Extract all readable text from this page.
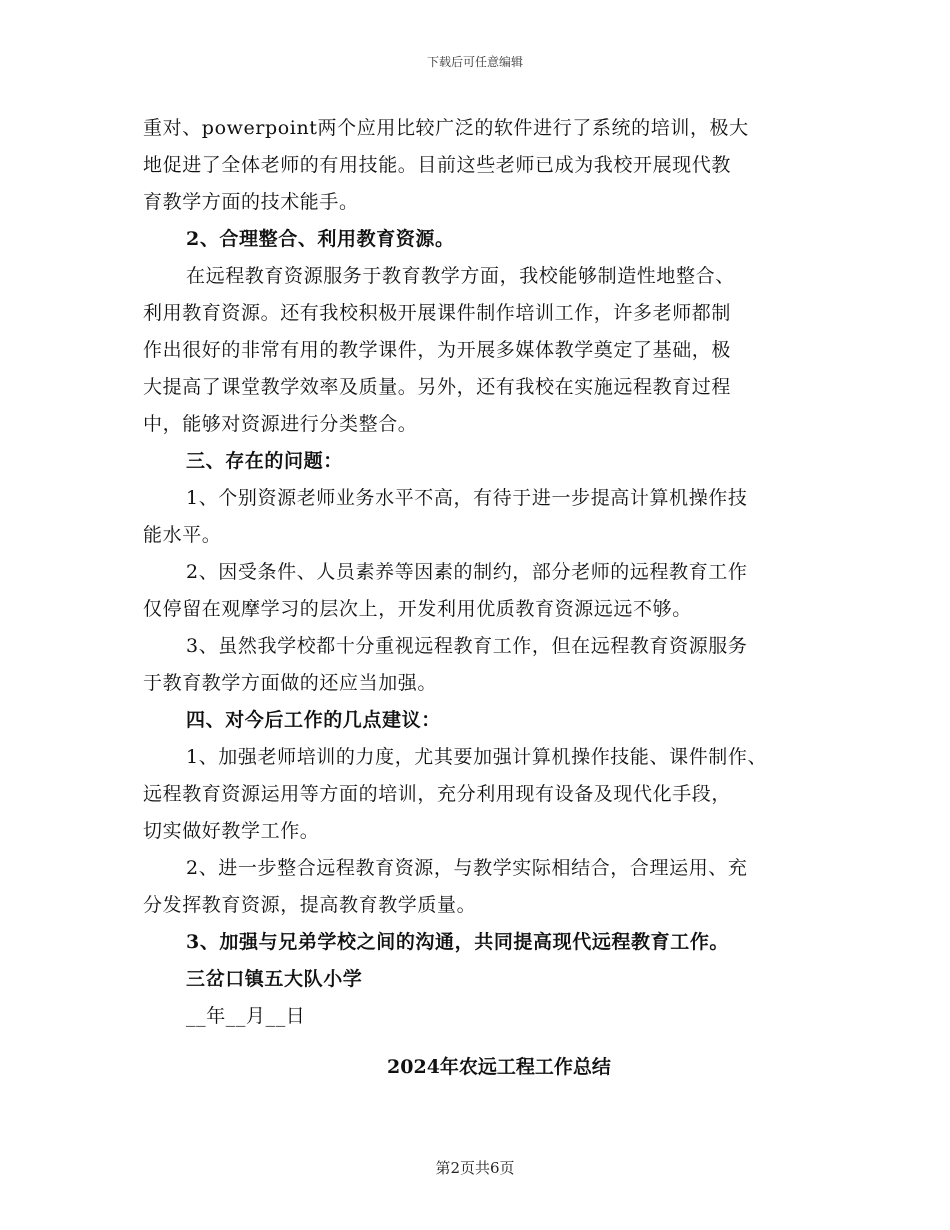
下载后可任意编辑
重对、powerpoint两个应用比较广泛的软件进行了系统的培训，极大
地促进了全体老师的有用技能。目前这些老师已成为我校开展现代教
育教学方面的技术能手。
2、合理整合、利用教育资源。
在远程教育资源服务于教育教学方面，我校能够制造性地整合、
利用教育资源。还有我校积极开展课件制作培训工作，许多老师都制
作出很好的非常有用的教学课件，为开展多媒体教学奠定了基础，极
大提高了课堂教学效率及质量。另外，还有我校在实施远程教育过程
中，能够对资源进行分类整合。
三、存在的问题：
1、个别资源老师业务水平不高，有待于进一步提高计算机操作技
能水平。
2、因受条件、人员素养等因素的制约，部分老师的远程教育工作
仅停留在观摩学习的层次上，开发利用优质教育资源远远不够。
3、虽然我学校都十分重视远程教育工作，但在远程教育资源服务
于教育教学方面做的还应当加强。
四、对今后工作的几点建议：
1、加强老师培训的力度，尤其要加强计算机操作技能、课件制作、
远程教育资源运用等方面的培训，充分利用现有设备及现代化手段，
切实做好教学工作。
2、进一步整合远程教育资源，与教学实际相结合，合理运用、充
分发挥教育资源，提高教育教学质量。
3、加强与兄弟学校之间的沟通，共同提高现代远程教育工作。
三岔口镇五大队小学
__年__月__日
2024年农远工程工作总结
第2页共6页
